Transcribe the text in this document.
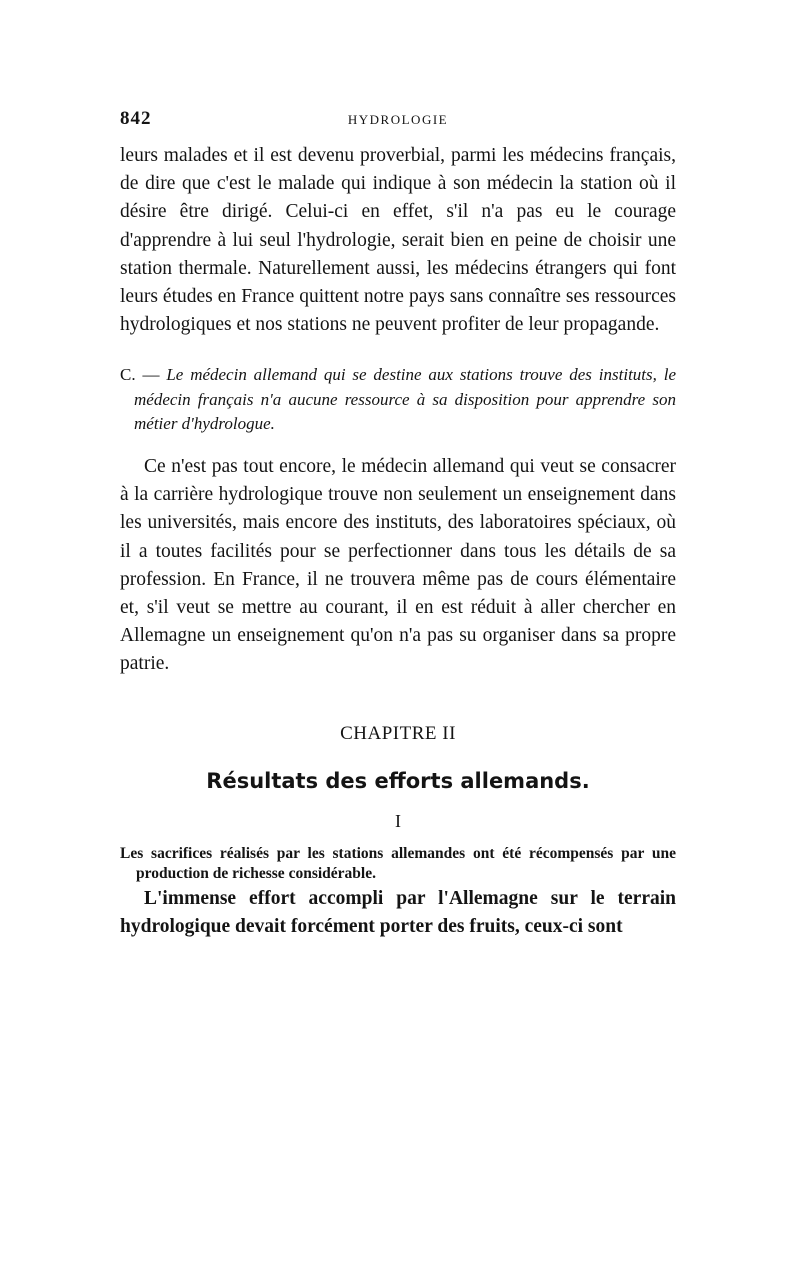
842	HYDROLOGIE

leurs malades et il est devenu proverbial, parmi les médecins français, de dire que c'est le malade qui indique à son médecin la station où il désire être dirigé. Celui-ci en effet, s'il n'a pas eu le courage d'apprendre à lui seul l'hydrologie, serait bien en peine de choisir une station thermale. Naturellement aussi, les médecins étrangers qui font leurs études en France quittent notre pays sans connaître ses ressources hydrologiques et nos stations ne peuvent profiter de leur propagande.

C. — Le médecin allemand qui se destine aux stations trouve des instituts, le médecin français n'a aucune ressource à sa disposition pour apprendre son métier d'hydrologue.

Ce n'est pas tout encore, le médecin allemand qui veut se consacrer à la carrière hydrologique trouve non seulement un enseignement dans les universités, mais encore des instituts, des laboratoires spéciaux, où il a toutes facilités pour se perfectionner dans tous les détails de sa profession. En France, il ne trouvera même pas de cours élémentaire et, s'il veut se mettre au courant, il en est réduit à aller chercher en Allemagne un enseignement qu'on n'a pas su organiser dans sa propre patrie.

CHAPITRE II
Résultats des efforts allemands.
I
Les sacrifices réalisés par les stations allemandes ont été récompensés par une production de richesse considérable.

L'immense effort accompli par l'Allemagne sur le terrain hydrologique devait forcément porter des fruits, ceux-ci sont
